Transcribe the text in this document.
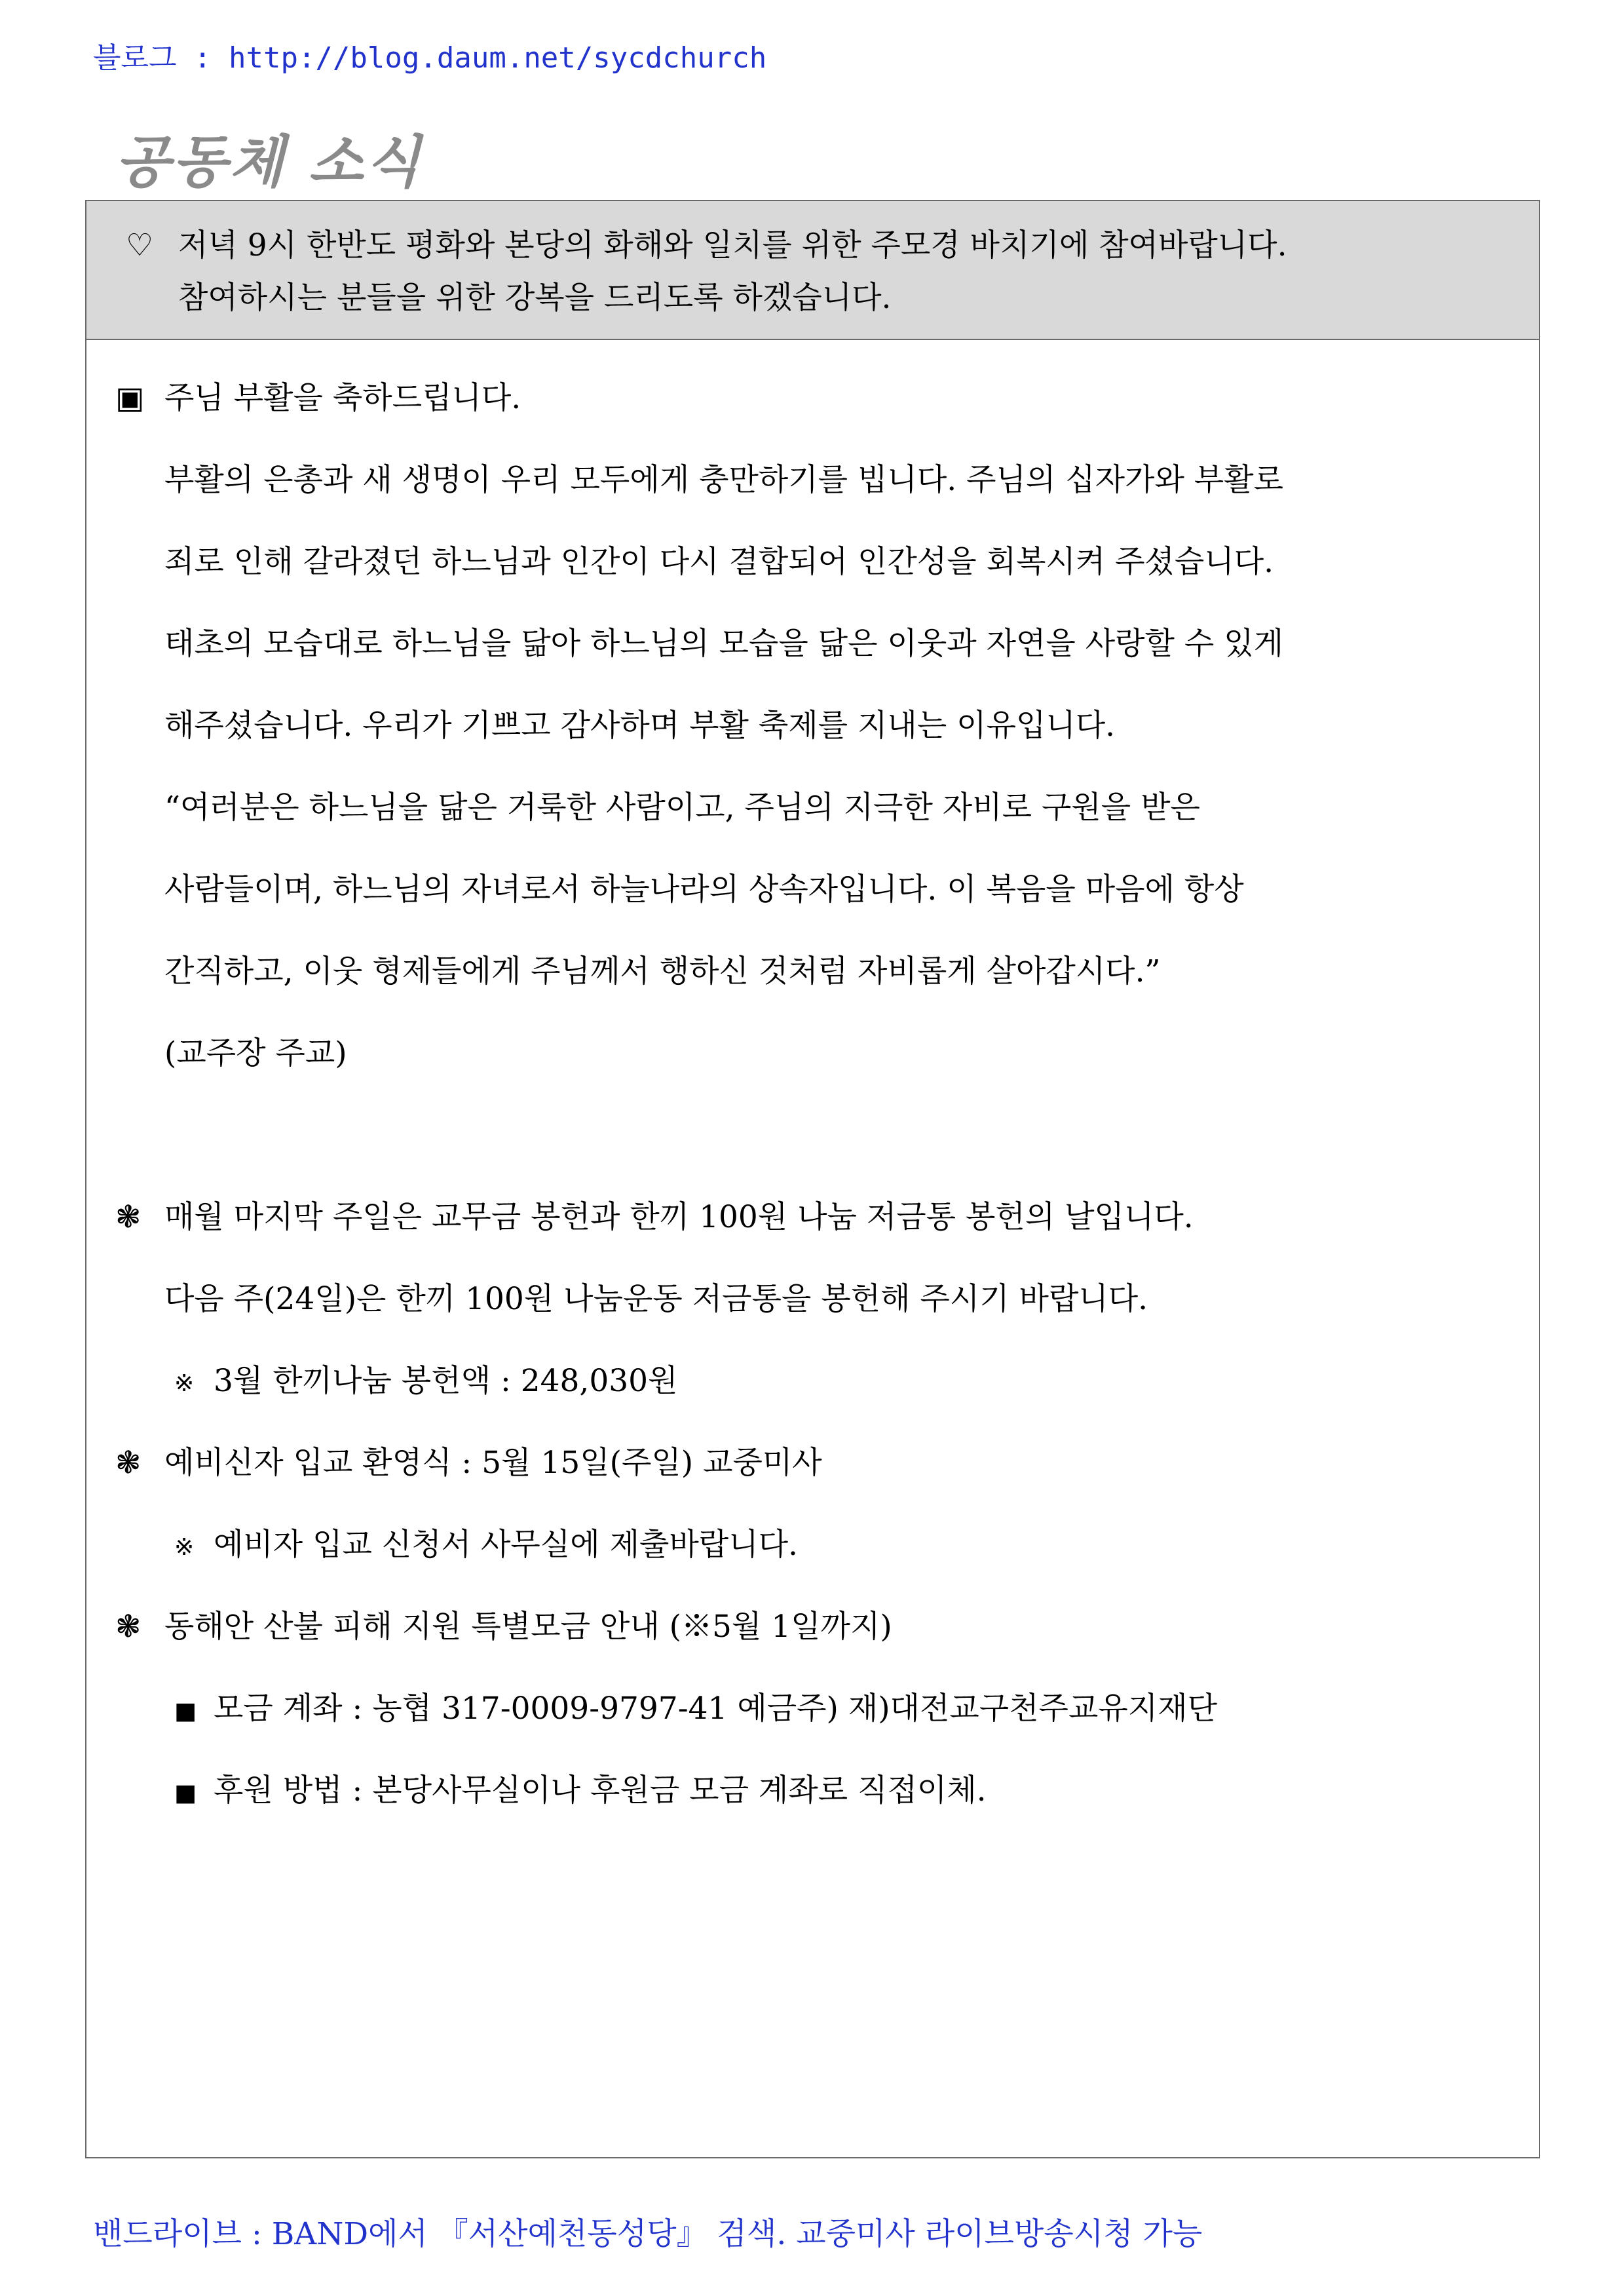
블로그 : http://blog.daum.net/sycdchurch
공동체 소식
♡ 저녁 9시 한반도 평화와 본당의 화해와 일치를 위한 주모경 바치기에 참여바랍니다.
참여하시는 분들을 위한 강복을 드리도록 하겠습니다.
▣ 주님 부활을 축하드립니다.
부활의 은총과 새 생명이 우리 모두에게 충만하기를 빕니다. 주님의 십자가와 부활로
죄로 인해 갈라졌던 하느님과 인간이 다시 결합되어 인간성을 회복시켜 주셨습니다.
태초의 모습대로 하느님을 닮아 하느님의 모습을 닮은 이웃과 자연을 사랑할 수 있게
해주셨습니다. 우리가 기쁘고 감사하며 부활 축제를 지내는 이유입니다.
“여러분은 하느님을 닮은 거룩한 사람이고, 주님의 지극한 자비로 구원을 받은
사람들이며, 하느님의 자녀로서 하늘나라의 상속자입니다. 이 복음을 마음에 항상
간직하고, 이웃 형제들에게 주님께서 행하신 것처럼 자비롭게 살아갑시다.”
(교주장 주교)
❃ 매월 마지막 주일은 교무금 봉헌과 한끼 100원 나눔 저금통 봉헌의 날입니다.
다음 주(24일)은 한끼 100원 나눔운동 저금통을 봉헌해 주시기 바랍니다.
※ 3월 한끼나눔 봉헌액 : 248,030원
❃ 예비신자 입교 환영식 : 5월 15일(주일) 교중미사
※ 예비자 입교 신청서 사무실에 제출바랍니다.
❃ 동해안 산불 피해 지원 특별모금 안내 (※5월 1일까지)
■ 모금 계좌 : 농협 317-0009-9797-41 예금주) 재)대전교구천주교유지재단
■ 후원 방법 : 본당사무실이나 후원금 모금 계좌로 직접이체.
밴드라이브 : BAND에서 『서산예천동성당』 검색. 교중미사 라이브방송시청 가능
